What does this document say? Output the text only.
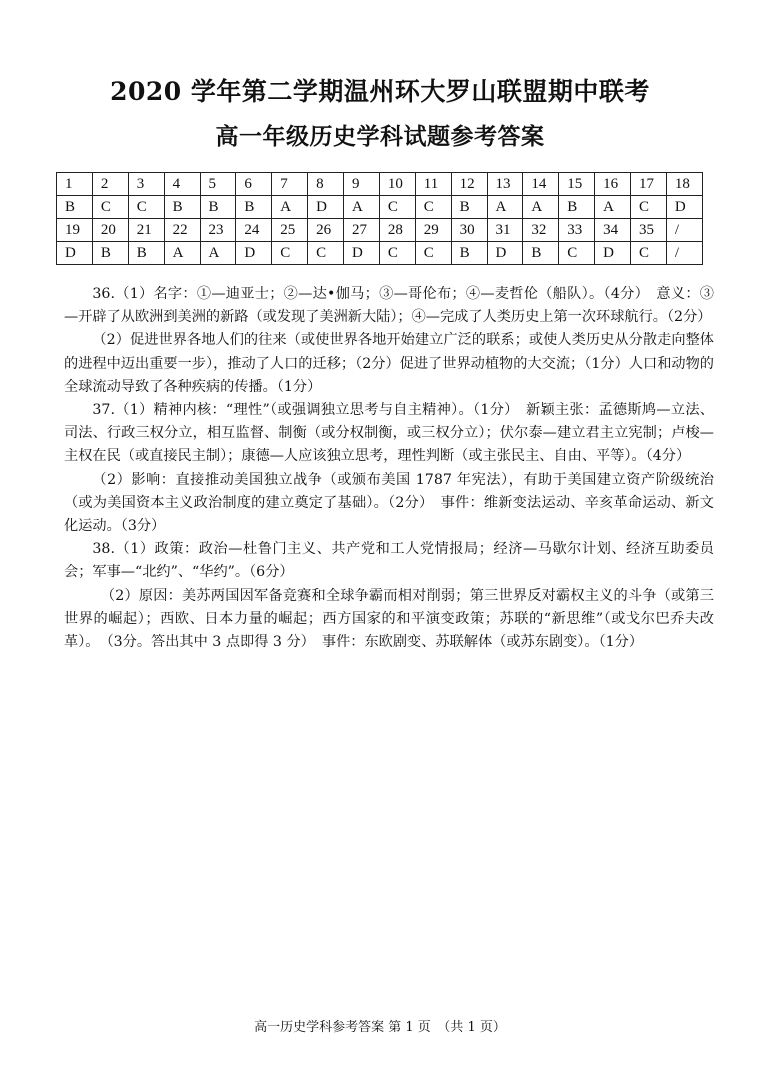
2020 学年第二学期温州环大罗山联盟期中联考
高一年级历史学科试题参考答案
1	2	3	4	5	6	7	8	9	10	11	12	13	14	15	16	17	18
B	C	C	B	B	B	A	D	A	C	C	B	A	A	B	A	C	D
19	20	21	22	23	24	25	26	27	28	29	30	31	32	33	34	35	/
D	B	B	A	A	D	C	C	D	C	C	B	D	B	C	D	C	/

36.（1）名字：①—迪亚士；②—达•伽马；③—哥伦布；④—麦哲伦（船队）。（4分）　意义：③—开辟了从欧洲到美洲的新路（或发现了美洲新大陆）；④—完成了人类历史上第一次环球航行。（2分）

（2）促进世界各地人们的往来（或使世界各地开始建立广泛的联系；或使人类历史从分散走向整体的进程中迈出重要一步），推动了人口的迁移；（2分）促进了世界动植物的大交流；（1分）人口和动物的全球流动导致了各种疾病的传播。（1分）

37.（1）精神内核：“理性”（或强调独立思考与自主精神）。（1分）　新颖主张：孟德斯鸠—立法、司法、行政三权分立，相互监督、制衡（或分权制衡，或三权分立）；伏尔泰—建立君主立宪制；卢梭—主权在民（或直接民主制）；康德—人应该独立思考，理性判断（或主张民主、自由、平等）。（4分）

（2）影响：直接推动美国独立战争（或颁布美国 1787 年宪法），有助于美国建立资产阶级统治（或为美国资本主义政治制度的建立奠定了基础）。（2分）　事件：维新变法运动、辛亥革命运动、新文化运动。（3分）

38.（1）政策：政治—杜鲁门主义、共产党和工人党情报局；经济—马歇尔计划、经济互助委员会；军事—“北约”、“华约”。（6分）

（2）原因：美苏两国因军备竞赛和全球争霸而相对削弱；第三世界反对霸权主义的斗争（或第三世界的崛起）；西欧、日本力量的崛起；西方国家的和平演变政策；苏联的“新思维”（或戈尔巴乔夫改革）。　（3分。答出其中 3 点即得 3 分）　事件：东欧剧变、苏联解体（或苏东剧变）。（1分）

高一历史学科参考答案 第 1 页　（共 1 页）
